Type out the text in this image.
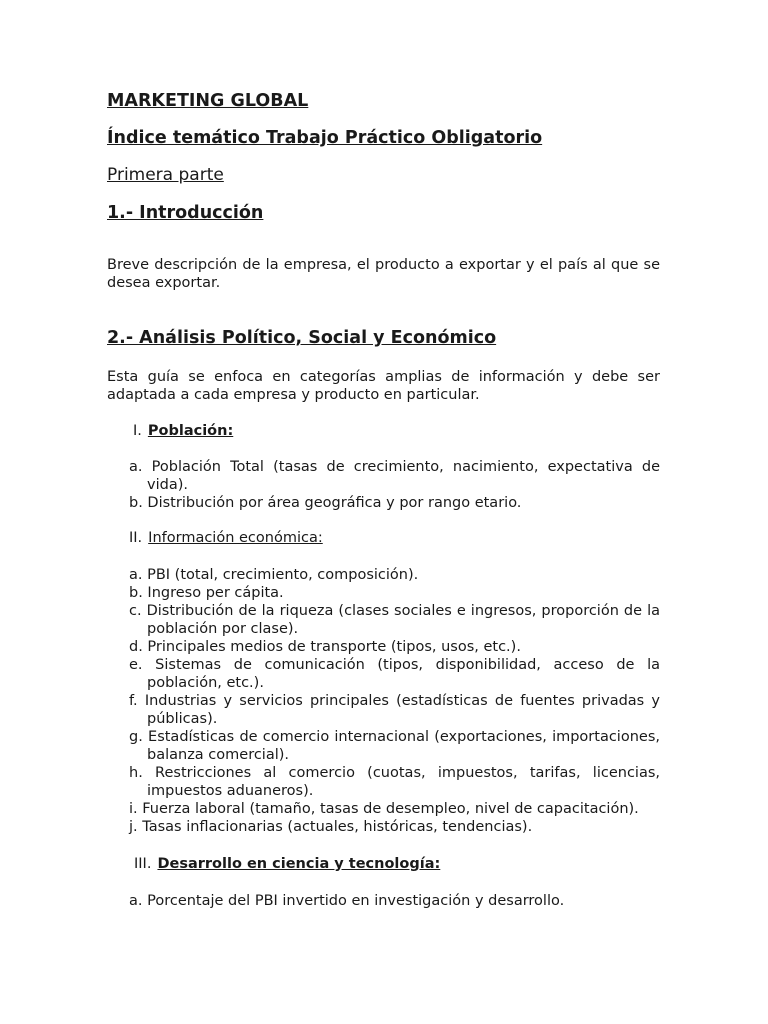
MARKETING GLOBAL
Índice temático Trabajo Práctico Obligatorio
Primera parte
1.- Introducción
Breve descripción de la empresa, el producto a exportar y el país al que se desea exportar.
2.- Análisis Político, Social y Económico
Esta guía se enfoca en categorías amplias de información y debe ser adaptada a cada empresa y producto en particular.
I. Población:
a. Población Total (tasas de crecimiento, nacimiento, expectativa de vida).
b. Distribución por área geográfica y por rango etario.
II. Información económica:
a. PBI (total, crecimiento, composición).
b. Ingreso per cápita.
c. Distribución de la riqueza (clases sociales e ingresos, proporción de la población por clase).
d. Principales medios de transporte (tipos, usos, etc.).
e. Sistemas de comunicación (tipos, disponibilidad, acceso de la población, etc.).
f. Industrias y servicios principales (estadísticas de fuentes privadas y públicas).
g. Estadísticas de comercio internacional (exportaciones, importaciones, balanza comercial).
h. Restricciones al comercio (cuotas, impuestos, tarifas, licencias, impuestos aduaneros).
i. Fuerza laboral (tamaño, tasas de desempleo, nivel de capacitación).
j. Tasas inflacionarias (actuales, históricas, tendencias).
III. Desarrollo en ciencia y tecnología:
a. Porcentaje del PBI invertido en investigación y desarrollo.
